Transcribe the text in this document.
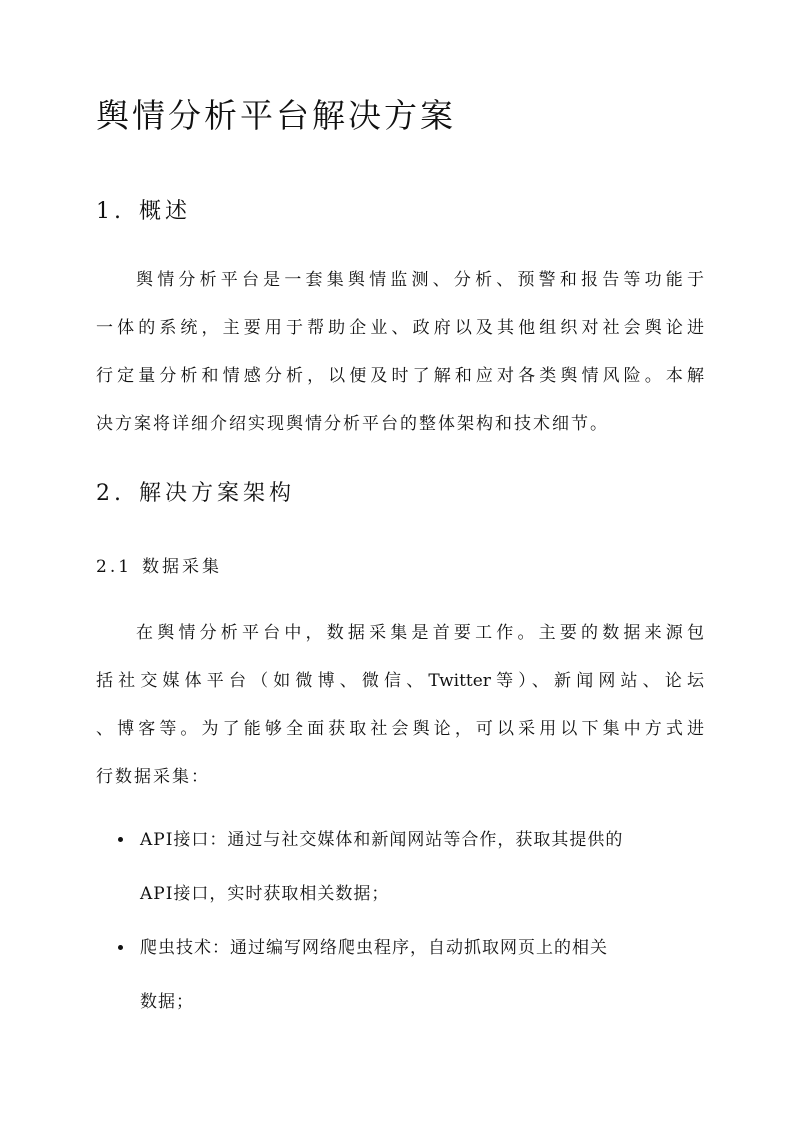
舆情分析平台解决方案
1. 概述
舆情分析平台是一套集舆情监测、分析、预警和报告等功能于
一体的系统，主要用于帮助企业、政府以及其他组织对社会舆论进
行定量分析和情感分析，以便及时了解和应对各类舆情风险。本解
决方案将详细介绍实现舆情分析平台的整体架构和技术细节。
2. 解决方案架构
2.1 数据采集
在舆情分析平台中，数据采集是首要工作。主要的数据来源包
括社交媒体平台（如微博、微信、Twitter等）、新闻网站、论坛
、博客等。为了能够全面获取社会舆论，可以采用以下集中方式进
行数据采集：
API接口：通过与社交媒体和新闻网站等合作，获取其提供的
API接口，实时获取相关数据；
爬虫技术：通过编写网络爬虫程序，自动抓取网页上的相关
数据；
